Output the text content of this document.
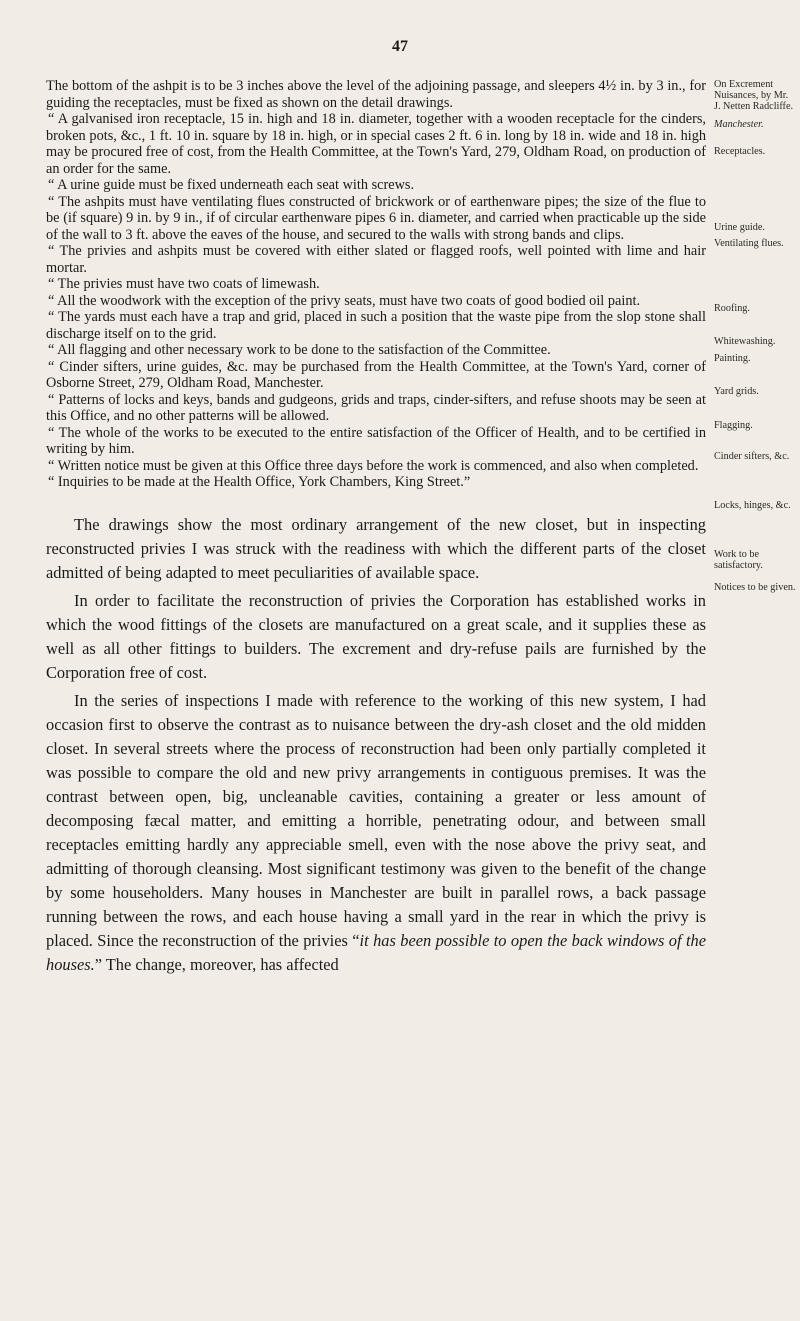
47

The bottom of the ashpit is to be 3 inches above the level of the adjoining passage, and sleepers 4½ in. by 3 in., for guiding the receptacles, must be fixed as shown on the detail drawings.

“ A galvanised iron receptacle, 15 in. high and 18 in. diameter, together with a wooden receptacle for the cinders, broken pots, &c., 1 ft. 10 in. square by 18 in. high, or in special cases 2 ft. 6 in. long by 18 in. wide and 18 in. high may be procured free of cost, from the Health Committee, at the Town's Yard, 279, Oldham Road, on production of an order for the same.

“ A urine guide must be fixed underneath each seat with screws.

“ The ashpits must have ventilating flues constructed of brickwork or of earthenware pipes; the size of the flue to be (if square) 9 in. by 9 in., if of circular earthenware pipes 6 in. diameter, and carried when practicable up the side of the wall to 3 ft. above the eaves of the house, and secured to the walls with strong bands and clips.

“ The privies and ashpits must be covered with either slated or flagged roofs, well pointed with lime and hair mortar.

“ The privies must have two coats of limewash.

“ All the woodwork with the exception of the privy seats, must have two coats of good bodied oil paint.

“ The yards must each have a trap and grid, placed in such a position that the waste pipe from the slop stone shall discharge itself on to the grid.

“ All flagging and other necessary work to be done to the satisfaction of the Committee.

“ Cinder sifters, urine guides, &c. may be purchased from the Health Committee, at the Town's Yard, corner of Osborne Street, 279, Oldham Road, Manchester.

“ Patterns of locks and keys, bands and gudgeons, grids and traps, cinder-sifters, and refuse shoots may be seen at this Office, and no other patterns will be allowed.

“ The whole of the works to be executed to the entire satisfaction of the Officer of Health, and to be certified in writing by him.

“ Written notice must be given at this Office three days before the work is commenced, and also when completed.

“ Inquiries to be made at the Health Office, York Chambers, King Street.”

The drawings show the most ordinary arrangement of the new closet, but in inspecting reconstructed privies I was struck with the readiness with which the different parts of the closet admitted of being adapted to meet peculiarities of available space.

In order to facilitate the reconstruction of privies the Corporation has established works in which the wood fittings of the closets are manufactured on a great scale, and it supplies these as well as all other fittings to builders. The excrement and dry-refuse pails are furnished by the Corporation free of cost.

In the series of inspections I made with reference to the working of this new system, I had occasion first to observe the contrast as to nuisance between the dry-ash closet and the old midden closet. In several streets where the process of reconstruction had been only partially completed it was possible to compare the old and new privy arrangements in contiguous premises. It was the contrast between open, big, uncleanable cavities, containing a greater or less amount of decomposing fæcal matter, and emitting a horrible, penetrating odour, and between small receptacles emitting hardly any appreciable smell, even with the nose above the privy seat, and admitting of thorough cleansing. Most significant testimony was given to the benefit of the change by some householders. Many houses in Manchester are built in parallel rows, a back passage running between the rows, and each house having a small yard in the rear in which the privy is placed. Since the reconstruction of the privies “it has been possible to open the back windows of the houses.” The change, moreover, has affected

On Excrement Nuisances, by Mr. J. Netten Radcliffe.
Manchester.
Receptacles.
Urine guide.
Ventilating flues.
Roofing.
Whitewashing.
Painting.
Yard grids.
Flagging.
Cinder sifters, &c.
Locks, hinges, &c.
Work to be satisfactory.
Notices to be given.
